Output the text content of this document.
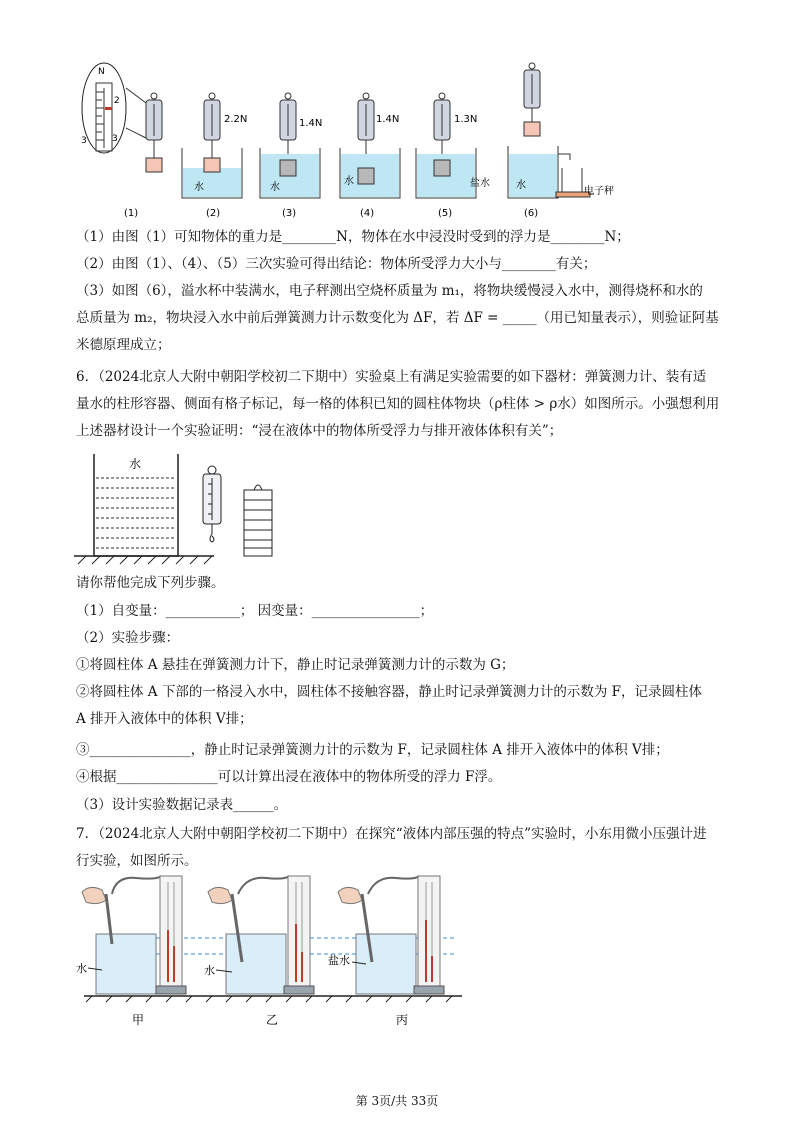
N
2
3	3
2.2N
水
1.4N
水
1.4N
水
1.3N
盐水	水
电子秤
(1)	(2)	(3)	(4)	(5)	(6)
（1）由图（1）可知物体的重力是________N，物体在水中浸没时受到的浮力是________N；
（2）由图（1）、（4）、（5）三次实验可得出结论：物体所受浮力大小与________有关；
（3）如图（6），溢水杯中装满水，电子秤测出空烧杯质量为 m₁，将物块缓慢浸入水中，测得烧杯和水的
总质量为 m₂，物块浸入水中前后弹簧测力计示数变化为 ΔF，若 ΔF = _____（用已知量表示），则验证阿基
米德原理成立；
6．（2024北京人大附中朝阳学校初二下期中）实验桌上有满足实验需要的如下器材：弹簧测力计、装有适
量水的柱形容器、侧面有格子标记，每一格的体积已知的圆柱体物块（ρ柱体 > ρ水）如图所示。小强想利用
上述器材设计一个实验证明：“浸在液体中的物体所受浮力与排开液体体积有关”；
水
请你帮他完成下列步骤。
（1）自变量：___________； 因变量：________________；
（2）实验步骤：
①将圆柱体 A 悬挂在弹簧测力计下，静止时记录弹簧测力计的示数为 G；
②将圆柱体 A 下部的一格浸入水中，圆柱体不接触容器，静止时记录弹簧测力计的示数为 F，记录圆柱体
A 排开入液体中的体积 V排；
③_______________，静止时记录弹簧测力计的示数为 F，记录圆柱体 A 排开入液体中的体积 V排；
④根据_______________可以计算出浸在液体中的物体所受的浮力 F浮。
（3）设计实验数据记录表______。
7．（2024北京人大附中朝阳学校初二下期中）在探究“液体内部压强的特点”实验时，小东用微小压强计进
行实验，如图所示。
水
甲
水
乙
盐水
丙
第 3页/共 33页
